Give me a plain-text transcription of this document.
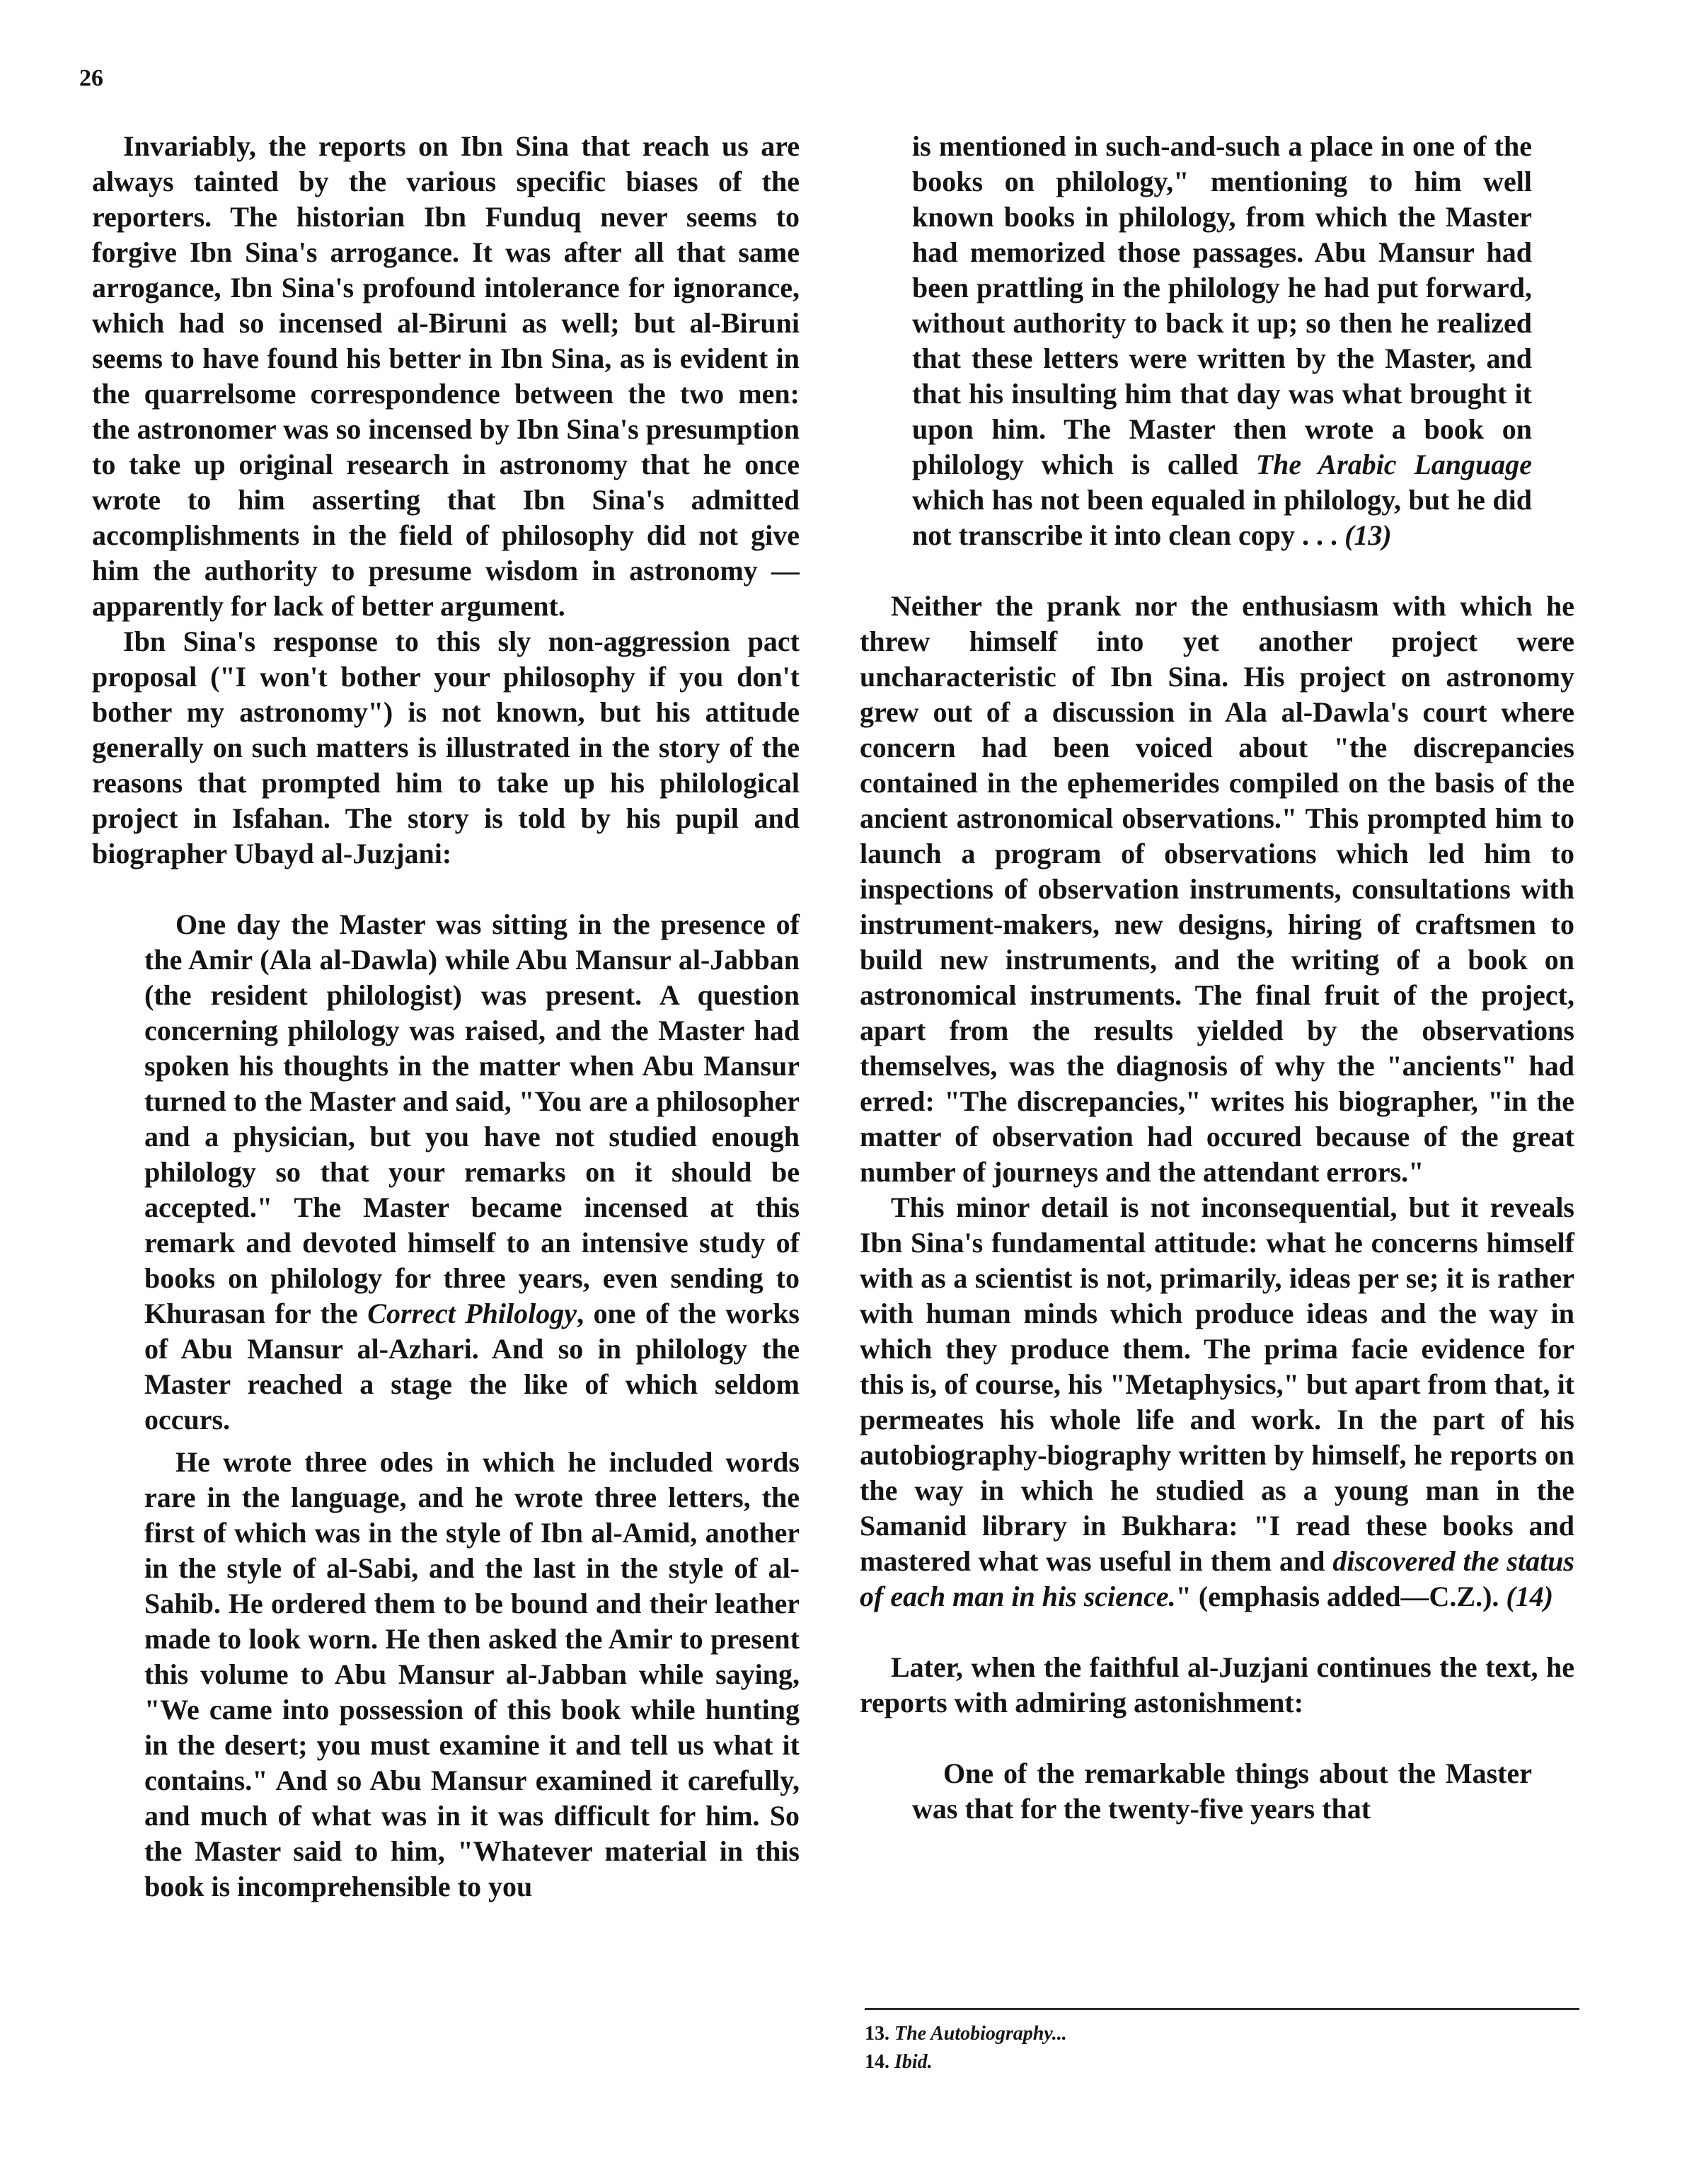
26

Invariably, the reports on Ibn Sina that reach us are always tainted by the various specific biases of the reporters. The historian Ibn Funduq never seems to forgive Ibn Sina's arrogance. It was after all that same arrogance, Ibn Sina's profound intolerance for ignorance, which had so incensed al-Biruni as well; but al-Biruni seems to have found his better in Ibn Sina, as is evident in the quarrelsome correspondence between the two men: the astronomer was so incensed by Ibn Sina's presumption to take up original research in astronomy that he once wrote to him asserting that Ibn Sina's admitted accomplishments in the field of philosophy did not give him the authority to presume wisdom in astronomy — apparently for lack of better argument.

Ibn Sina's response to this sly non-aggression pact proposal ("I won't bother your philosophy if you don't bother my astronomy") is not known, but his attitude generally on such matters is illustrated in the story of the reasons that prompted him to take up his philological project in Isfahan. The story is told by his pupil and biographer Ubayd al-Juzjani:

One day the Master was sitting in the presence of the Amir (Ala al-Dawla) while Abu Mansur al-Jabban (the resident philologist) was present. A question concerning philology was raised, and the Master had spoken his thoughts in the matter when Abu Mansur turned to the Master and said, "You are a philosopher and a physician, but you have not studied enough philology so that your remarks on it should be accepted." The Master became incensed at this remark and devoted himself to an intensive study of books on philology for three years, even sending to Khurasan for the Correct Philology, one of the works of Abu Mansur al-Azhari. And so in philology the Master reached a stage the like of which seldom occurs.

He wrote three odes in which he included words rare in the language, and he wrote three letters, the first of which was in the style of Ibn al-Amid, another in the style of al-Sabi, and the last in the style of al-Sahib. He ordered them to be bound and their leather made to look worn. He then asked the Amir to present this volume to Abu Mansur al-Jabban while saying, "We came into possession of this book while hunting in the desert; you must examine it and tell us what it contains." And so Abu Mansur examined it carefully, and much of what was in it was difficult for him. So the Master said to him, "Whatever material in this book is incomprehensible to you

is mentioned in such-and-such a place in one of the books on philology," mentioning to him well known books in philology, from which the Master had memorized those passages. Abu Mansur had been prattling in the philology he had put forward, without authority to back it up; so then he realized that these letters were written by the Master, and that his insulting him that day was what brought it upon him. The Master then wrote a book on philology which is called The Arabic Language which has not been equaled in philology, but he did not transcribe it into clean copy . . . (13)

Neither the prank nor the enthusiasm with which he threw himself into yet another project were uncharacteristic of Ibn Sina. His project on astronomy grew out of a discussion in Ala al-Dawla's court where concern had been voiced about "the discrepancies contained in the ephemerides compiled on the basis of the ancient astronomical observations." This prompted him to launch a program of observations which led him to inspections of observation instruments, consultations with instrument-makers, new designs, hiring of craftsmen to build new instruments, and the writing of a book on astronomical instruments. The final fruit of the project, apart from the results yielded by the observations themselves, was the diagnosis of why the "ancients" had erred: "The discrepancies," writes his biographer, "in the matter of observation had occured because of the great number of journeys and the attendant errors."

This minor detail is not inconsequential, but it reveals Ibn Sina's fundamental attitude: what he concerns himself with as a scientist is not, primarily, ideas per se; it is rather with human minds which produce ideas and the way in which they produce them. The prima facie evidence for this is, of course, his "Metaphysics," but apart from that, it permeates his whole life and work. In the part of his autobiography-biography written by himself, he reports on the way in which he studied as a young man in the Samanid library in Bukhara: "I read these books and mastered what was useful in them and discovered the status of each man in his science." (emphasis added—C.Z.). (14)

Later, when the faithful al-Juzjani continues the text, he reports with admiring astonishment:

One of the remarkable things about the Master was that for the twenty-five years that

13. The Autobiography...
14. Ibid.
